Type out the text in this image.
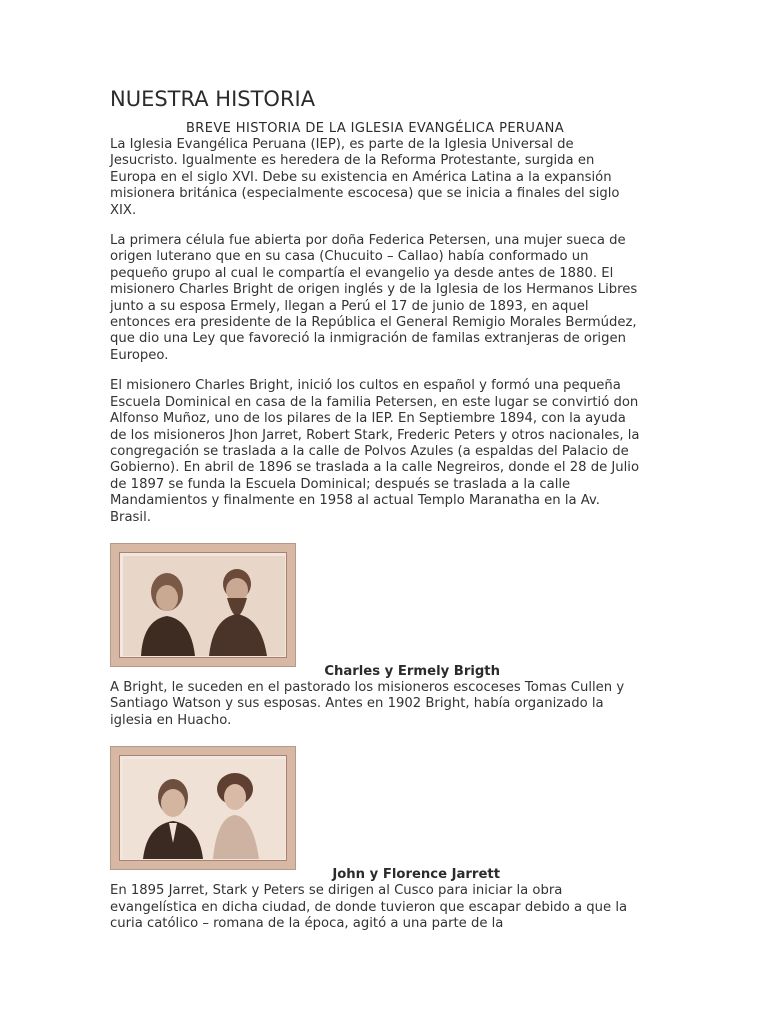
NUESTRA HISTORIA

BREVE HISTORIA DE LA IGLESIA EVANGÉLICA PERUANA

La Iglesia Evangélica Peruana (IEP), es parte de la Iglesia Universal de Jesucristo. Igualmente es heredera de la Reforma Protestante, surgida en Europa en el siglo XVI. Debe su existencia en América Latina a la expansión misionera británica (especialmente escocesa) que se inicia a finales del siglo XIX.

La primera célula fue abierta por doña Federica Petersen, una mujer sueca de origen luterano que en su casa (Chucuito – Callao) había conformado un pequeño grupo al cual le compartía el evangelio ya desde antes de 1880. El misionero Charles Bright de origen inglés y de la Iglesia de los Hermanos Libres junto a su esposa Ermely, llegan a Perú el 17 de junio de 1893, en aquel entonces era presidente de la República el General Remigio Morales Bermúdez, que dio una Ley que favoreció la inmigración de familas extranjeras de origen Europeo.

El misionero Charles Bright, inició los cultos en español y formó una pequeña Escuela Dominical en casa de la familia Petersen, en este lugar se convirtió don Alfonso Muñoz, uno de los pilares de la IEP. En Septiembre 1894, con la ayuda de los misioneros Jhon Jarret, Robert Stark, Frederic Peters y otros nacionales, la congregación se traslada a la calle de Polvos Azules (a espaldas del Palacio de Gobierno). En abril de 1896 se traslada a la calle Negreiros, donde el 28 de Julio de 1897 se funda la Escuela Dominical; después se traslada a la calle Mandamientos y finalmente en 1958 al actual Templo Maranatha en la Av. Brasil.

Charles y Ermely Brigth

A Bright, le suceden en el pastorado los misioneros escoceses Tomas Cullen y Santiago Watson y sus esposas. Antes en 1902 Bright, había organizado la iglesia en Huacho.

John y Florence Jarrett

En 1895 Jarret, Stark y Peters se dirigen al Cusco para iniciar la obra evangelística en dicha ciudad, de donde tuvieron que escapar debido a que la curia católico – romana de la época, agitó a una parte de la
